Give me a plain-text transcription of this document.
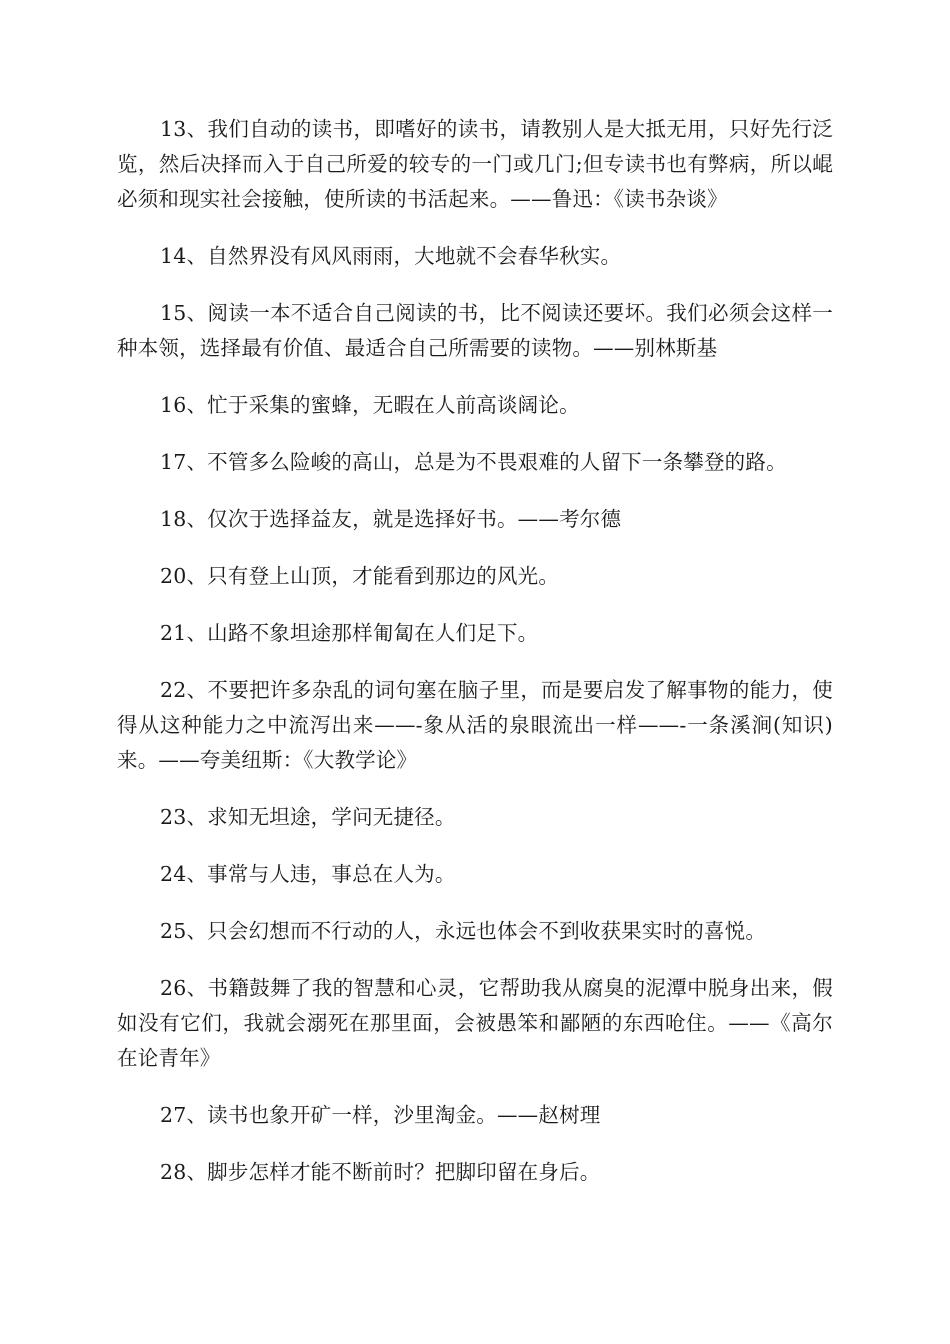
13、我们自动的读书，即嗜好的读书，请教别人是大抵无用，只好先行泛览，然后决择而入于自己所爱的较专的一门或几门;但专读书也有弊病，所以崐必须和现实社会接触，使所读的书活起来。——鲁迅：《读书杂谈》

14、自然界没有风风雨雨，大地就不会春华秋实。

15、阅读一本不适合自己阅读的书，比不阅读还要坏。我们必须会这样一种本领，选择最有价值、最适合自己所需要的读物。——别林斯基

16、忙于采集的蜜蜂，无暇在人前高谈阔论。

17、不管多么险峻的高山，总是为不畏艰难的人留下一条攀登的路。

18、仅次于选择益友，就是选择好书。——考尔德

20、只有登上山顶，才能看到那边的风光。

21、山路不象坦途那样匍匐在人们足下。

22、不要把许多杂乱的词句塞在脑子里，而是要启发了解事物的能力，使得从这种能力之中流泻出来——-象从活的泉眼流出一样——-一条溪涧(知识)来。——夸美纽斯：《大教学论》

23、求知无坦途，学问无捷径。

24、事常与人违，事总在人为。

25、只会幻想而不行动的人，永远也体会不到收获果实时的喜悦。

26、书籍鼓舞了我的智慧和心灵，它帮助我从腐臭的泥潭中脱身出来，假如没有它们，我就会溺死在那里面，会被愚笨和鄙陋的东西呛住。——《高尔在论青年》

27、读书也象开矿一样，沙里淘金。——赵树理

28、脚步怎样才能不断前时？把脚印留在身后。
